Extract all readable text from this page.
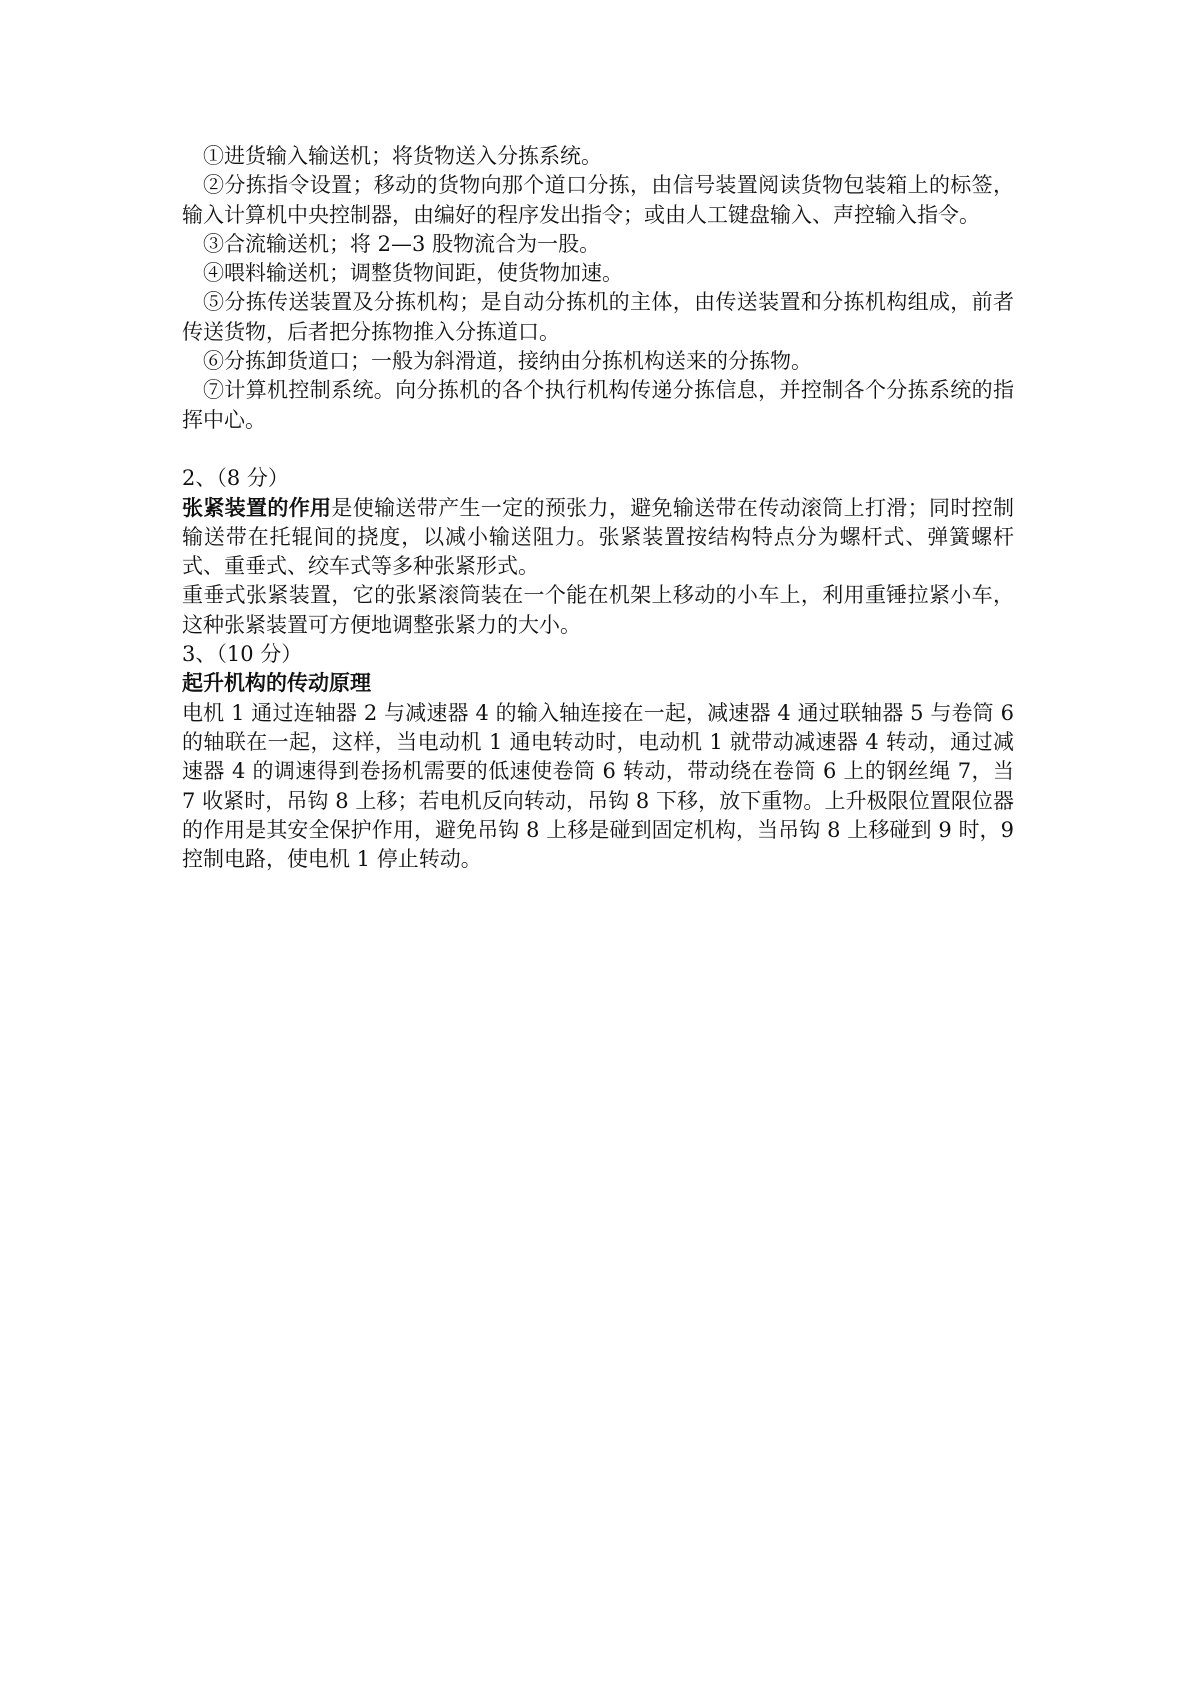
①进货输入输送机；将货物送入分拣系统。

②分拣指令设置；移动的货物向那个道口分拣，由信号装置阅读货物包装箱上的标签，输入计算机中央控制器，由编好的程序发出指令；或由人工键盘输入、声控输入指令。

③合流输送机；将 2—3 股物流合为一股。

④喂料输送机；调整货物间距，使货物加速。

⑤分拣传送装置及分拣机构；是自动分拣机的主体，由传送装置和分拣机构组成，前者传送货物，后者把分拣物推入分拣道口。

⑥分拣卸货道口；一般为斜滑道，接纳由分拣机构送来的分拣物。

⑦计算机控制系统。向分拣机的各个执行机构传递分拣信息，并控制各个分拣系统的指挥中心。

2、（8 分）

张紧装置的作用是使输送带产生一定的预张力，避免输送带在传动滚筒上打滑；同时控制输送带在托辊间的挠度，以减小输送阻力。张紧装置按结构特点分为螺杆式、弹簧螺杆式、重垂式、绞车式等多种张紧形式。

重垂式张紧装置，它的张紧滚筒装在一个能在机架上移动的小车上，利用重锤拉紧小车，这种张紧装置可方便地调整张紧力的大小。

3、（10 分）

起升机构的传动原理

电机 1 通过连轴器 2 与减速器 4 的输入轴连接在一起，减速器 4 通过联轴器 5 与卷筒 6 的轴联在一起，这样，当电动机 1 通电转动时，电动机 1 就带动减速器 4 转动，通过减速器 4 的调速得到卷扬机需要的低速使卷筒 6 转动，带动绕在卷筒 6 上的钢丝绳 7，当 7 收紧时，吊钩 8 上移；若电机反向转动，吊钩 8 下移，放下重物。上升极限位置限位器的作用是其安全保护作用，避免吊钩 8 上移是碰到固定机构，当吊钩 8 上移碰到 9 时，9 控制电路，使电机 1 停止转动。
